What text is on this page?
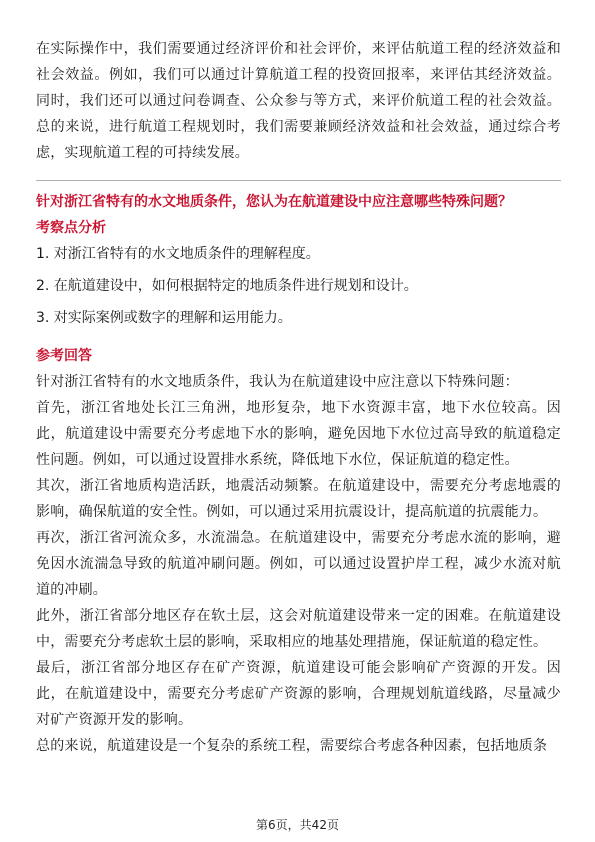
在实际操作中，我们需要通过经济评价和社会评价，来评估航道工程的经济效益和社会效益。例如，我们可以通过计算航道工程的投资回报率，来评估其经济效益。同时，我们还可以通过问卷调查、公众参与等方式，来评价航道工程的社会效益。总的来说，进行航道工程规划时，我们需要兼顾经济效益和社会效益，通过综合考虑，实现航道工程的可持续发展。

针对浙江省特有的水文地质条件，您认为在航道建设中应注意哪些特殊问题？
考察点分析
1. 对浙江省特有的水文地质条件的理解程度。
2. 在航道建设中，如何根据特定的地质条件进行规划和设计。
3. 对实际案例或数字的理解和运用能力。
参考回答

针对浙江省特有的水文地质条件，我认为在航道建设中应注意以下特殊问题：

首先，浙江省地处长江三角洲，地形复杂，地下水资源丰富，地下水位较高。因此，航道建设中需要充分考虑地下水的影响，避免因地下水位过高导致的航道稳定性问题。例如，可以通过设置排水系统，降低地下水位，保证航道的稳定性。

其次，浙江省地质构造活跃，地震活动频繁。在航道建设中，需要充分考虑地震的影响，确保航道的安全性。例如，可以通过采用抗震设计，提高航道的抗震能力。

再次，浙江省河流众多，水流湍急。在航道建设中，需要充分考虑水流的影响，避免因水流湍急导致的航道冲刷问题。例如，可以通过设置护岸工程，减少水流对航道的冲刷。

此外，浙江省部分地区存在软土层，这会对航道建设带来一定的困难。在航道建设中，需要充分考虑软土层的影响，采取相应的地基处理措施，保证航道的稳定性。

最后，浙江省部分地区存在矿产资源，航道建设可能会影响矿产资源的开发。因此，在航道建设中，需要充分考虑矿产资源的影响，合理规划航道线路，尽量减少对矿产资源开发的影响。

总的来说，航道建设是一个复杂的系统工程，需要综合考虑各种因素，包括地质条

第6页，共42页
